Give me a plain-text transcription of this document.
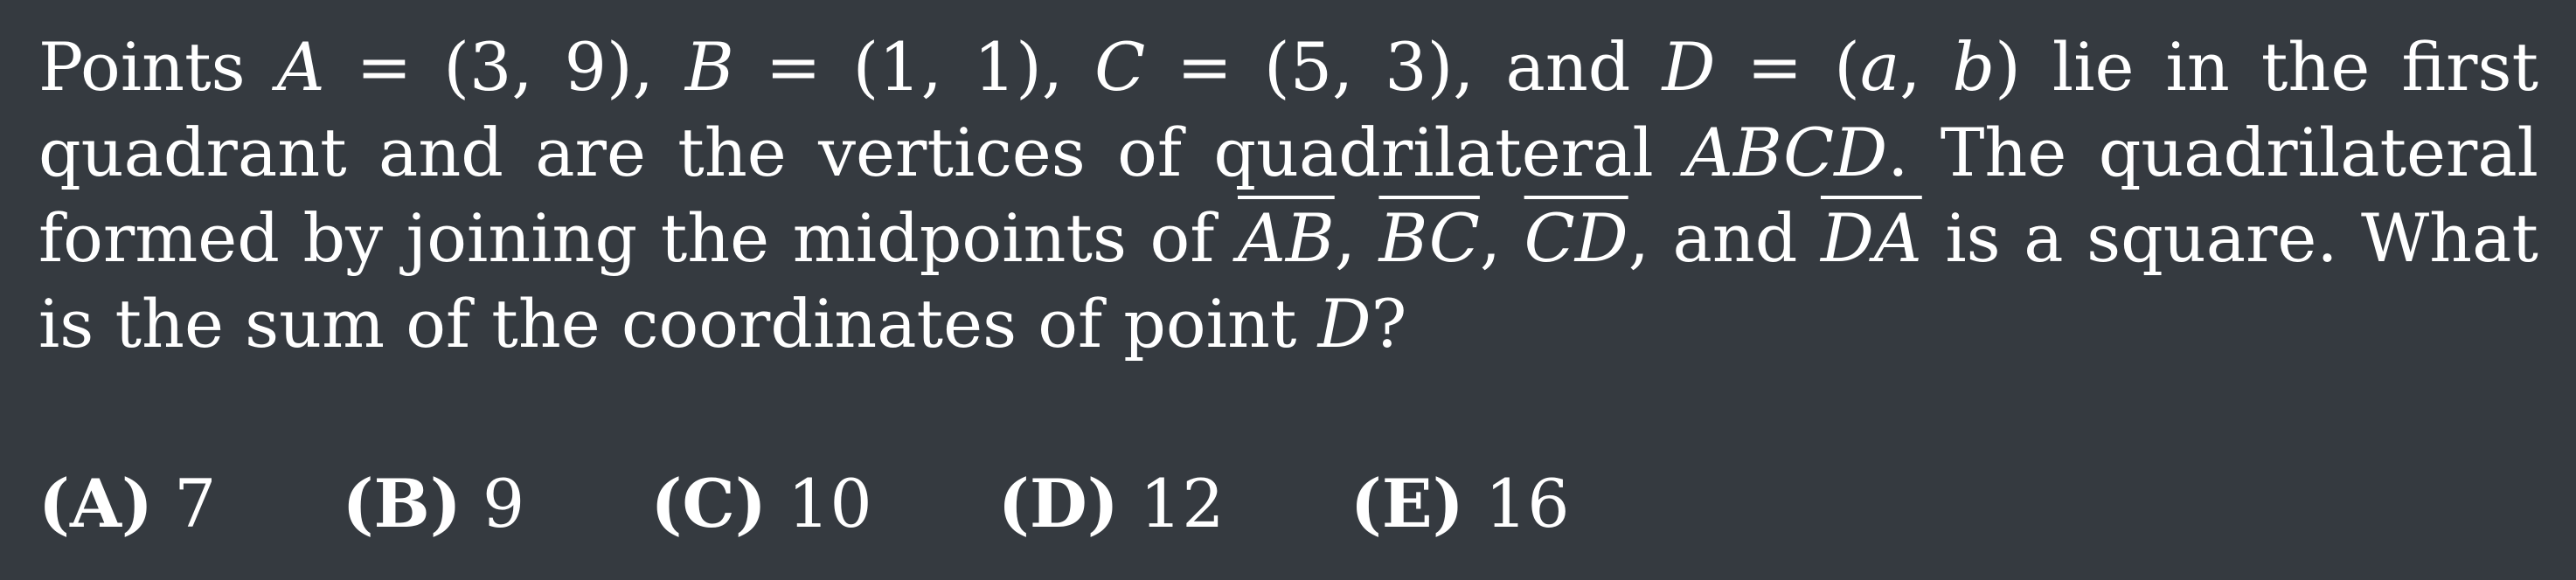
Points A = (3, 9), B = (1, 1), C = (5, 3), and D = (a, b) lie in the first quadrant and are the vertices of quadrilateral ABCD. The quadrilateral formed by joining the midpoints of $\overline{AB}$, $\overline{BC}$, $\overline{CD}$, and $\overline{DA}$ is a square. What is the sum of the coordinates of point D?
(A) 7 (B) 9 (C) 10 (D) 12 (E) 16
